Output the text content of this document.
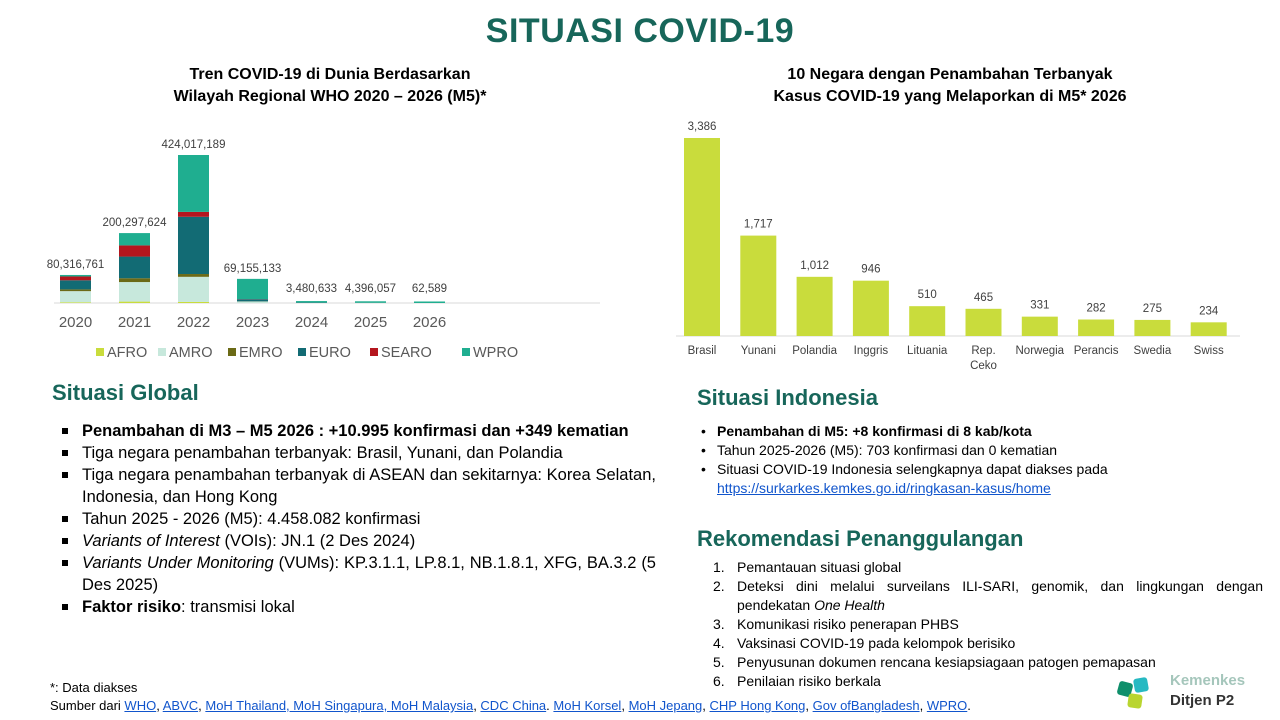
SITUASI COVID-19
Tren COVID-19 di Dunia Berdasarkan
Wilayah Regional WHO 2020 – 2026 (M5)*
80,316,761
2020
200,297,624
2021
424,017,189
2022
69,155,133
2023
3,480,633
2024
4,396,057
2025
62,589
2026
AFRO AMRO EMRO EURO SEARO	WPRO
10 Negara dengan Penambahan Terbanyak
Kasus COVID-19 yang Melaporkan di M5* 2026
3,386
Brasil
1,717
Yunani
1,012
Polandia
946
Inggris
510
Lituania
465
Rep.
Ceko
331
Norwegia
282
Perancis
275
Swedia
234
Swiss
Situasi Global
Penambahan di M3 – M5 2026 : +10.995 konfirmasi dan +349 kematian
Tiga negara penambahan terbanyak: Brasil, Yunani, dan Polandia
Tiga negara penambahan terbanyak di ASEAN dan sekitarnya: Korea Selatan, Indonesia, dan Hong Kong
Tahun 2025 - 2026 (M5): 4.458.082 konfirmasi
Variants of Interest (VOIs): JN.1 (2 Des 2024)
Variants Under Monitoring (VUMs): KP.3.1.1, LP.8.1, NB.1.8.1, XFG, BA.3.2 (5 Des 2025)
Faktor risiko: transmisi lokal
Situasi Indonesia
• Penambahan di M5: +8 konfirmasi di 8 kab/kota
• Tahun 2025-2026 (M5): 703 konfirmasi dan 0 kematian
• Situasi COVID-19 Indonesia selengkapnya dapat diakses pada
https://surkarkes.kemkes.go.id/ringkasan-kasus/home
Rekomendasi Penanggulangan
1. Pemantauan situasi global
2. Deteksi dini melalui surveilans ILI-SARI, genomik, dan lingkungan dengan pendekatan One Health
3. Komunikasi risiko penerapan PHBS
4. Vaksinasi COVID-19 pada kelompok berisiko
5. Penyusunan dokumen rencana kesiapsiagaan patogen pemapasan
6. Penilaian risiko berkala
*: Data diakses
Sumber dari WHO, ABVC, MoH Thailand, MoH Singapura, MoH Malaysia, CDC China. MoH Korsel, MoH Jepang, CHP Hong Kong, Gov ofBangladesh, WPRO.
Kemenkes
Ditjen P2
